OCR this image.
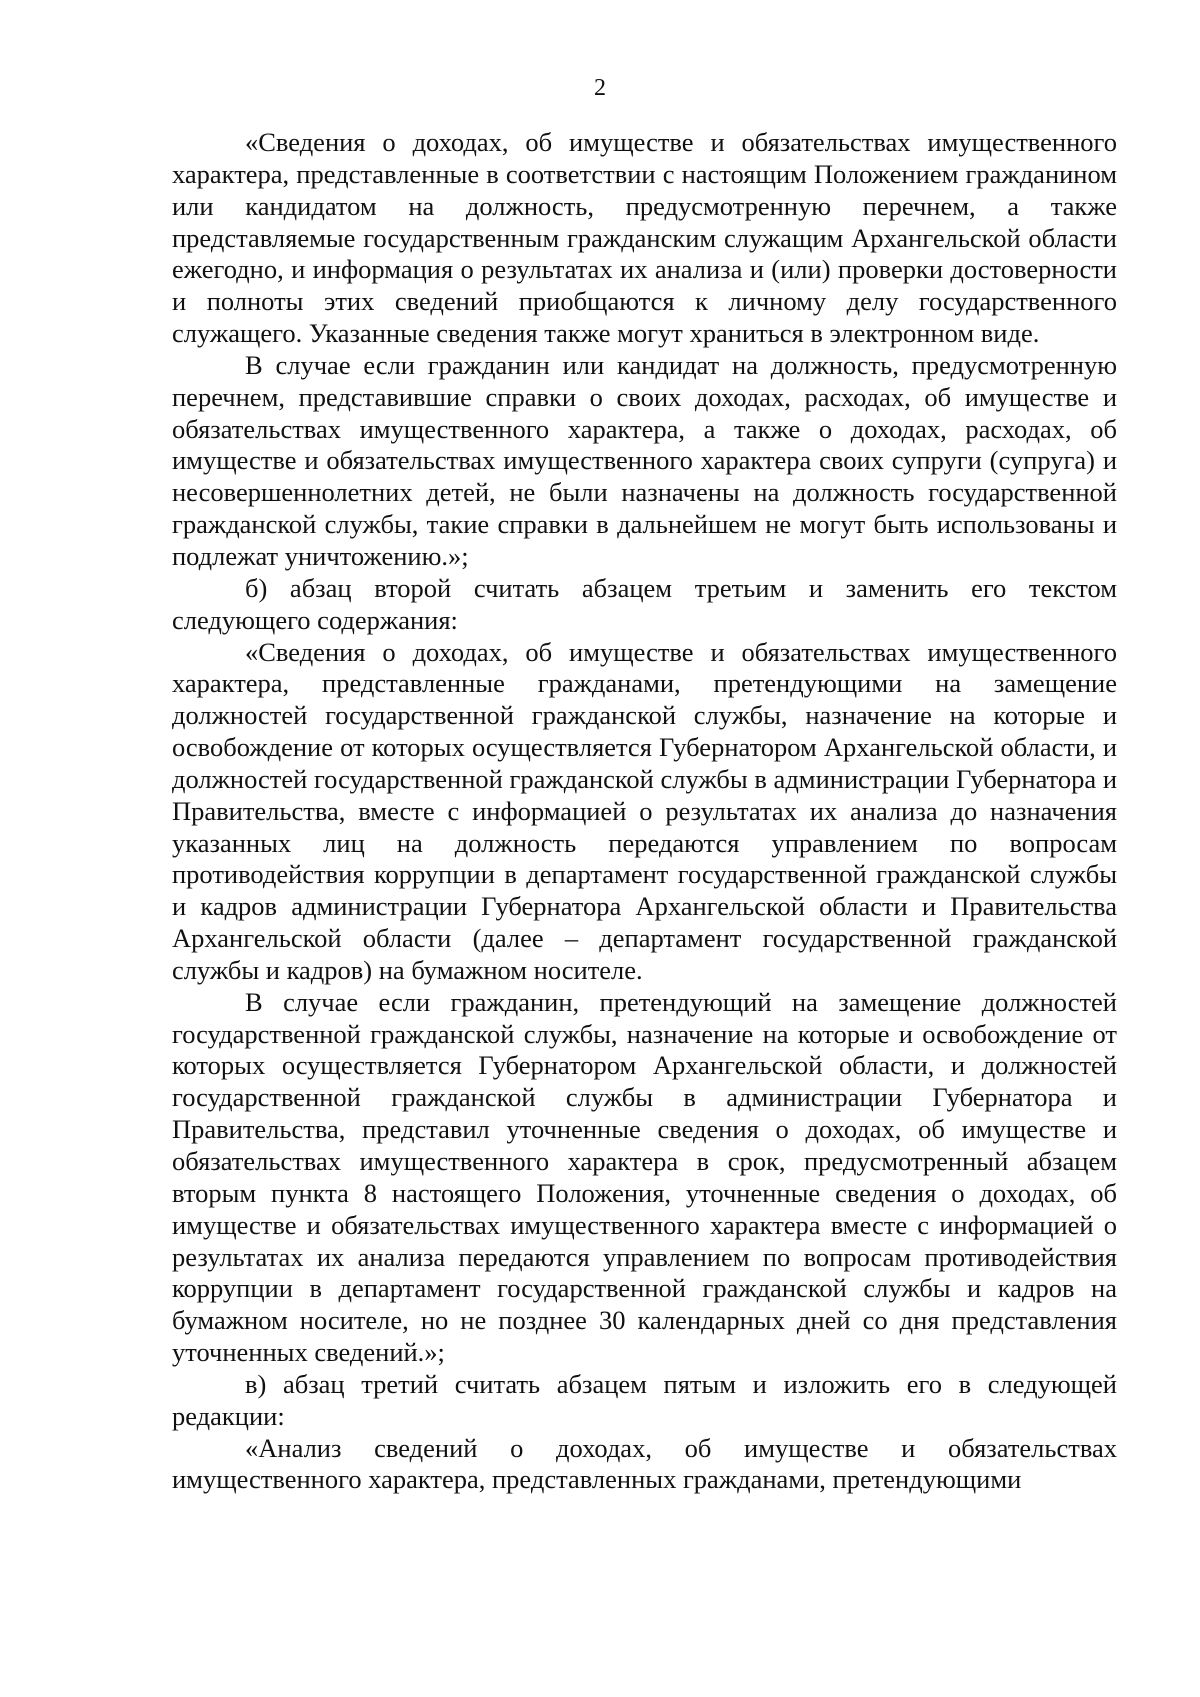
2

«Сведения о доходах, об имуществе и обязательствах имущественного характера, представленные в соответствии с настоящим Положением гражданином или кандидатом на должность, предусмотренную перечнем, а также представляемые государственным гражданским служащим Архангельской области ежегодно, и информация о результатах их анализа и (или) проверки достоверности и полноты этих сведений приобщаются к личному делу государственного служащего. Указанные сведения также могут храниться в электронном виде.

В случае если гражданин или кандидат на должность, предусмотренную перечнем, представившие справки о своих доходах, расходах, об имуществе и обязательствах имущественного характера, а также о доходах, расходах, об имуществе и обязательствах имущественного характера своих супруги (супруга) и несовершеннолетних детей, не были назначены на должность государственной гражданской службы, такие справки в дальнейшем не могут быть использованы и подлежат уничтожению.»;

б) абзац второй считать абзацем третьим и заменить его текстом следующего содержания:

«Сведения о доходах, об имуществе и обязательствах имущественного характера, представленные гражданами, претендующими на замещение должностей государственной гражданской службы, назначение на которые и освобождение от которых осуществляется Губернатором Архангельской области, и должностей государственной гражданской службы в администрации Губернатора и Правительства, вместе с информацией о результатах их анализа до назначения указанных лиц на должность передаются управлением по вопросам противодействия коррупции в департамент государственной гражданской службы и кадров администрации Губернатора Архангельской области и Правительства Архангельской области (далее – департамент государственной гражданской службы и кадров) на бумажном носителе.

В случае если гражданин, претендующий на замещение должностей государственной гражданской службы, назначение на которые и освобождение от которых осуществляется Губернатором Архангельской области, и должностей государственной гражданской службы в администрации Губернатора и Правительства, представил уточненные сведения о доходах, об имуществе и обязательствах имущественного характера в срок, предусмотренный абзацем вторым пункта 8 настоящего Положения, уточненные сведения о доходах, об имуществе и обязательствах имущественного характера вместе с информацией о результатах их анализа передаются управлением по вопросам противодействия коррупции в департамент государственной гражданской службы и кадров на бумажном носителе, но не позднее 30 календарных дней со дня представления уточненных сведений.»;

в) абзац третий считать абзацем пятым и изложить его в следующей редакции:

«Анализ сведений о доходах, об имуществе и обязательствах имущественного характера, представленных гражданами, претендующими
